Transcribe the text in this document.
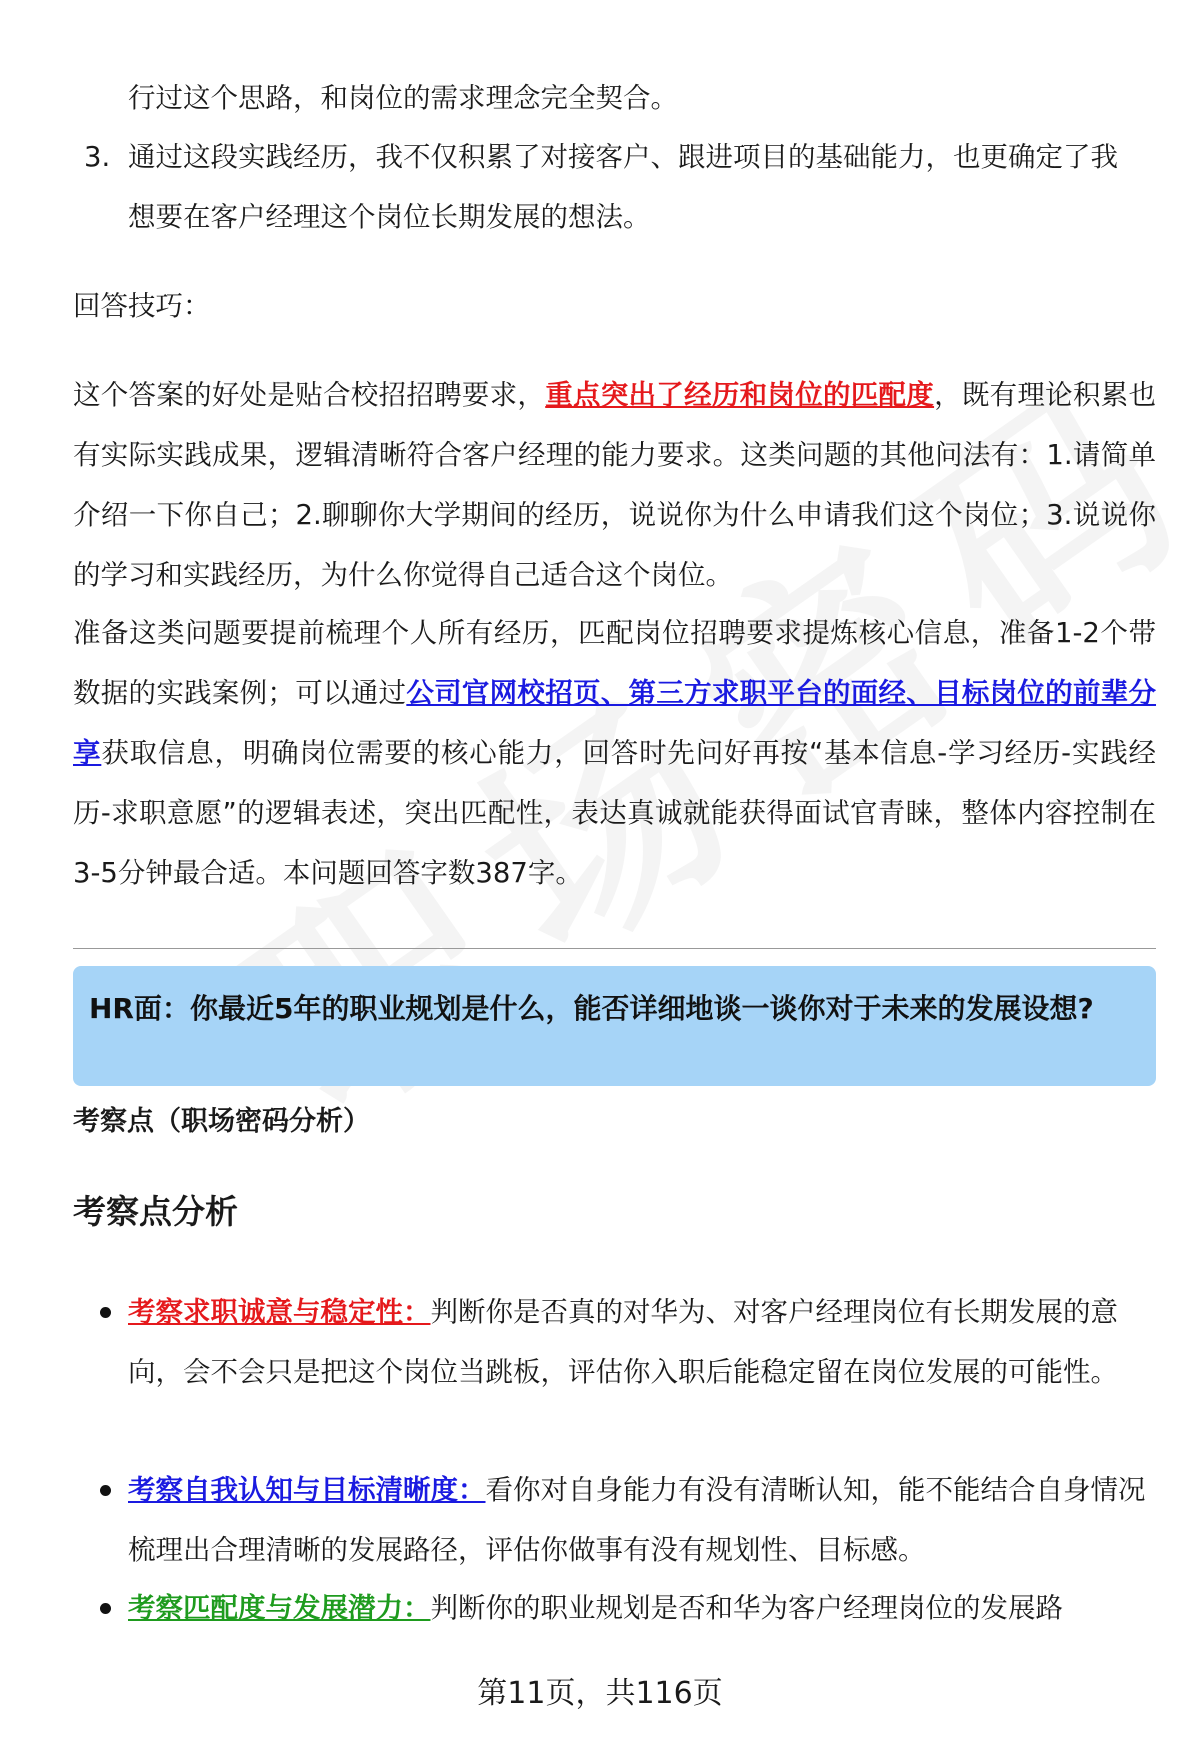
行过这个思路，和岗位的需求理念完全契合。

3. 通过这段实践经历，我不仅积累了对接客户、跟进项目的基础能力，也更确定了我想要在客户经理这个岗位长期发展的想法。

回答技巧：

这个答案的好处是贴合校招招聘要求，重点突出了经历和岗位的匹配度，既有理论积累也有实际实践成果，逻辑清晰符合客户经理的能力要求。这类问题的其他问法有：1.请简单介绍一下你自己；2.聊聊你大学期间的经历，说说你为什么申请我们这个岗位；3.说说你的学习和实践经历，为什么你觉得自己适合这个岗位。

准备这类问题要提前梳理个人所有经历，匹配岗位招聘要求提炼核心信息，准备1-2个带数据的实践案例；可以通过公司官网校招页、第三方求职平台的面经、目标岗位的前辈分享获取信息，明确岗位需要的核心能力，回答时先问好再按“基本信息-学习经历-实践经历-求职意愿”的逻辑表述，突出匹配性，表达真诚就能获得面试官青睐，整体内容控制在3-5分钟最合适。本问题回答字数387字。

HR面：你最近5年的职业规划是什么，能否详细地谈一谈你对于未来的发展设想?
考察点（职场密码分析）
考察点分析

考察求职诚意与稳定性：判断你是否真的对华为、对客户经理岗位有长期发展的意向，会不会只是把这个岗位当跳板，评估你入职后能稳定留在岗位发展的可能性。

考察自我认知与目标清晰度：看你对自身能力有没有清晰认知，能不能结合自身情况梳理出合理清晰的发展路径，评估你做事有没有规划性、目标感。

考察匹配度与发展潜力：判断你的职业规划是否和华为客户经理岗位的发展路

第11页，共116页
